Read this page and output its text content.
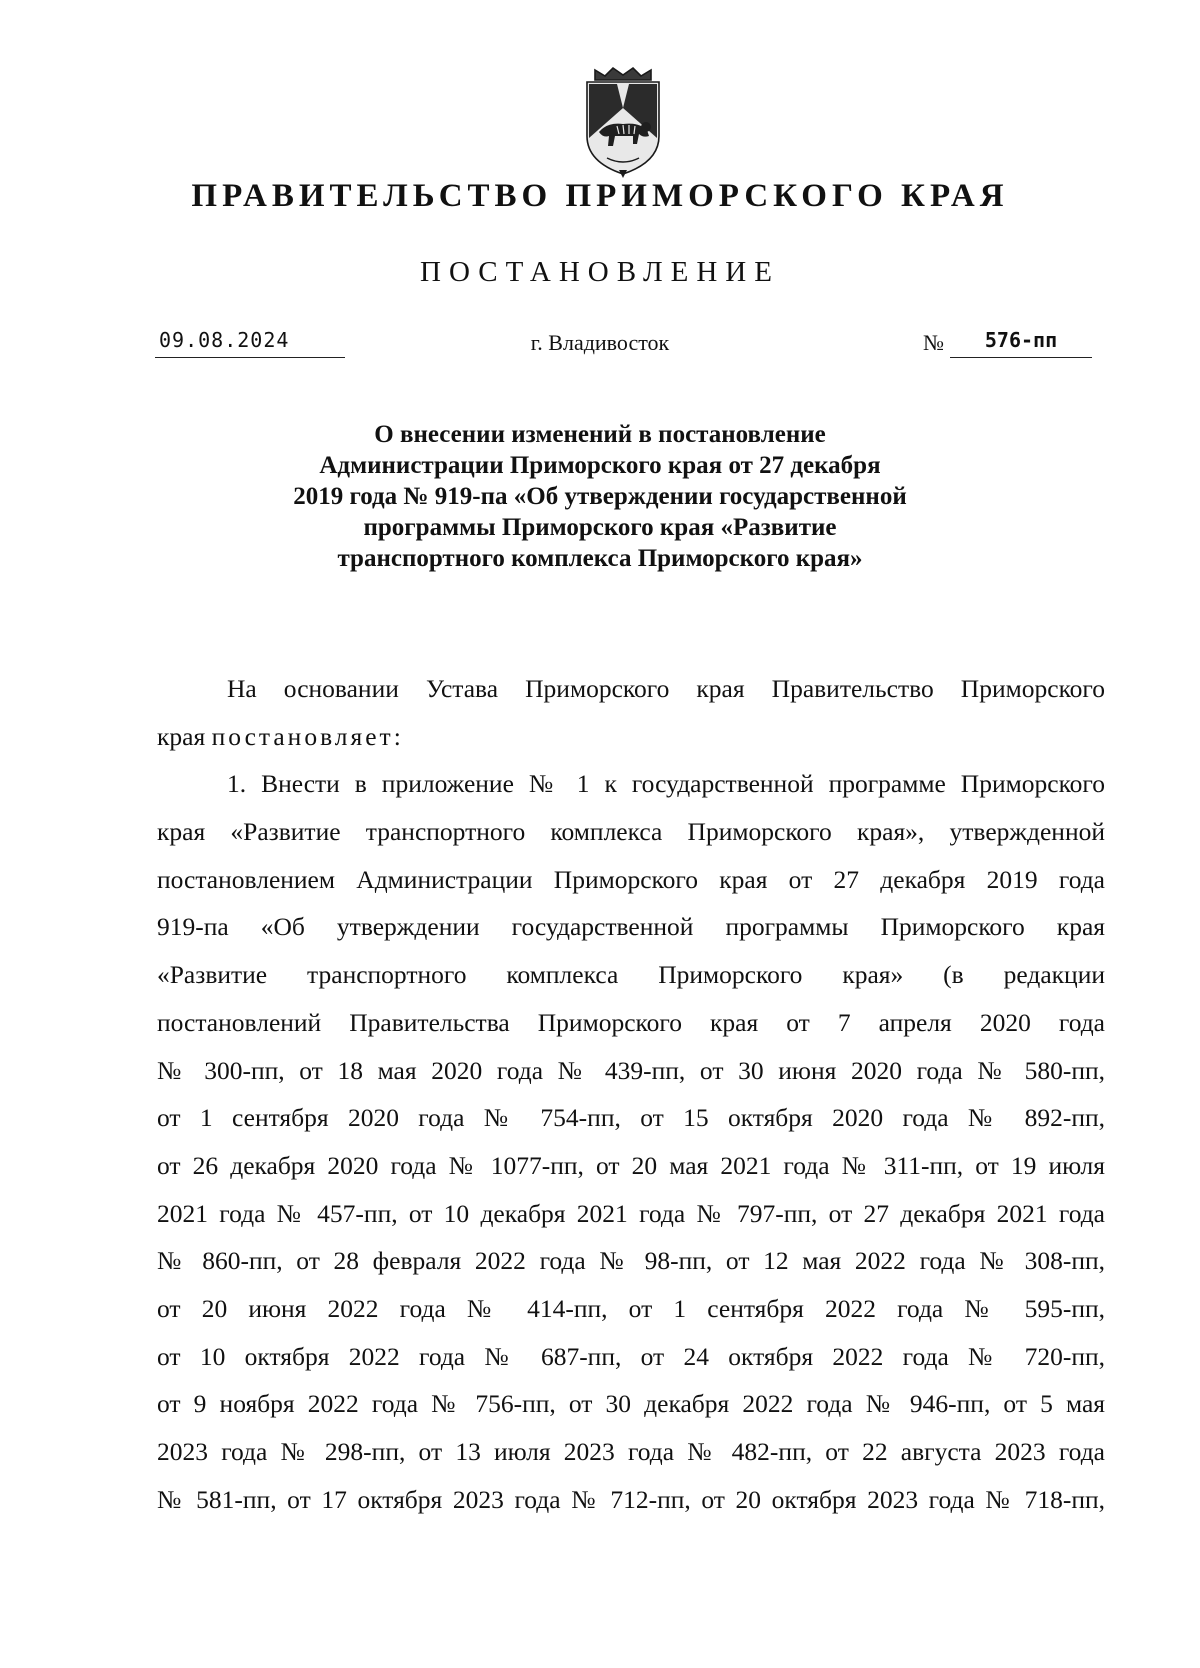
ПРАВИТЕЛЬСТВО ПРИМОРСКОГО КРАЯ
ПОСТАНОВЛЕНИЕ
09.08.2024	г. Владивосток	№	576-пп
О внесении изменений в постановление
Администрации Приморского края от 27 декабря
2019 года № 919-па «Об утверждении государственной
программы Приморского края «Развитие
транспортного комплекса Приморского края»
На основании Устава Приморского края Правительство Приморского
края постановляет:
1. Внести в приложение № 1 к государственной программе Приморского
края «Развитие транспортного комплекса Приморского края», утвержденной
постановлением Администрации Приморского края от 27 декабря 2019 года
919-па «Об утверждении государственной программы Приморского края
«Развитие транспортного комплекса Приморского края» (в редакции
постановлений Правительства Приморского края от 7 апреля 2020 года
№ 300-пп, от 18 мая 2020 года № 439-пп, от 30 июня 2020 года № 580-пп,
от 1 сентября 2020 года № 754-пп, от 15 октября 2020 года № 892-пп,
от 26 декабря 2020 года № 1077-пп, от 20 мая 2021 года № 311-пп, от 19 июля
2021 года № 457-пп, от 10 декабря 2021 года № 797-пп, от 27 декабря 2021 года
№ 860-пп, от 28 февраля 2022 года № 98-пп, от 12 мая 2022 года № 308-пп,
от 20 июня 2022 года № 414-пп, от 1 сентября 2022 года № 595-пп,
от 10 октября 2022 года № 687-пп, от 24 октября 2022 года № 720-пп,
от 9 ноября 2022 года № 756-пп, от 30 декабря 2022 года № 946-пп, от 5 мая
2023 года № 298-пп, от 13 июля 2023 года № 482-пп, от 22 августа 2023 года
№ 581-пп, от 17 октября 2023 года № 712-пп, от 20 октября 2023 года № 718-пп,
